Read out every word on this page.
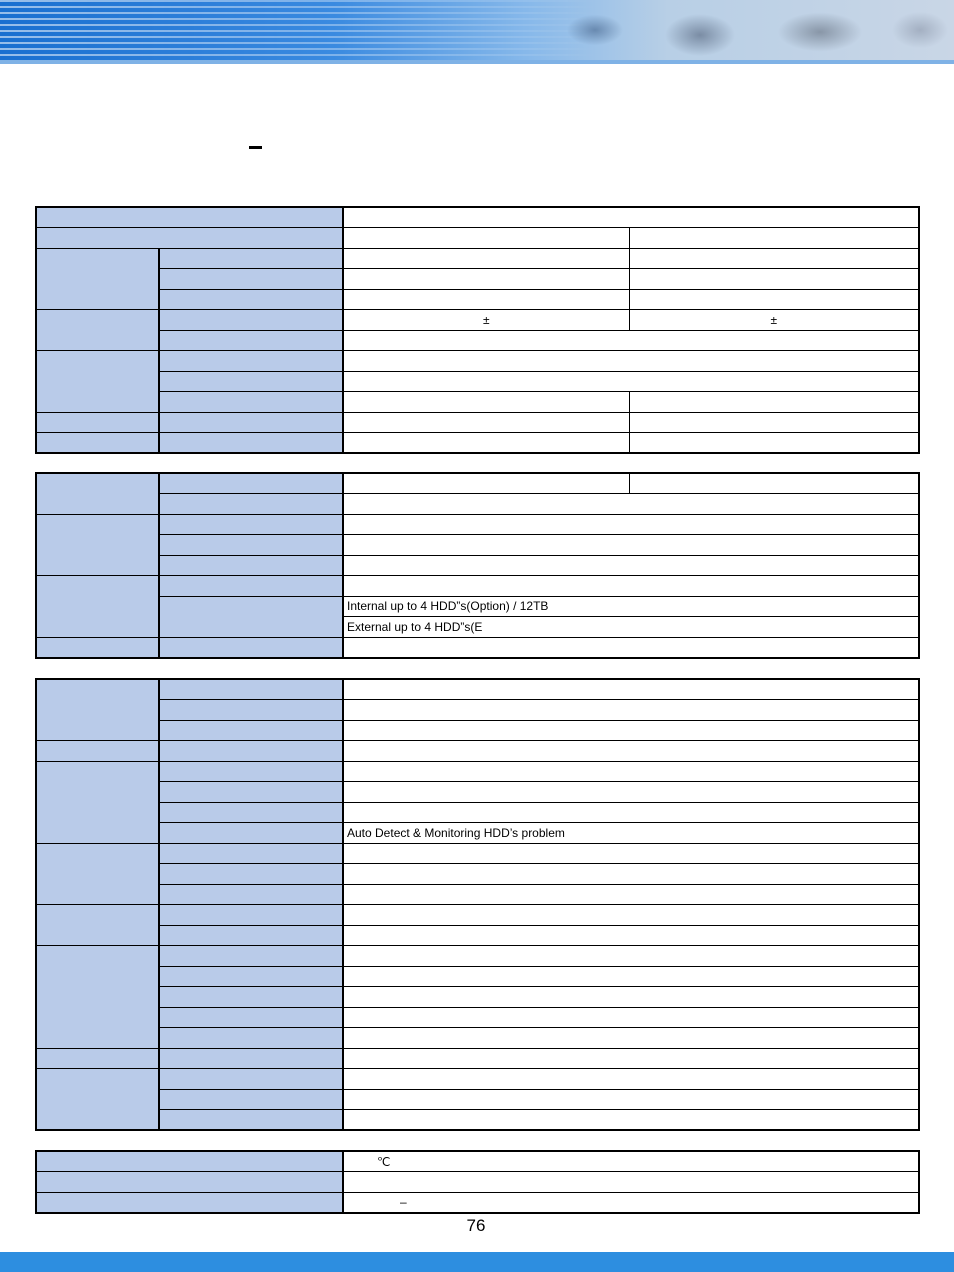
		±	±

		Internal up to 4 HDD”s(Option) / 12TB	
		External up to 4 HDD”s(E	

		Auto Detect & Monitoring HDD’s problem

	℃

	–
76
